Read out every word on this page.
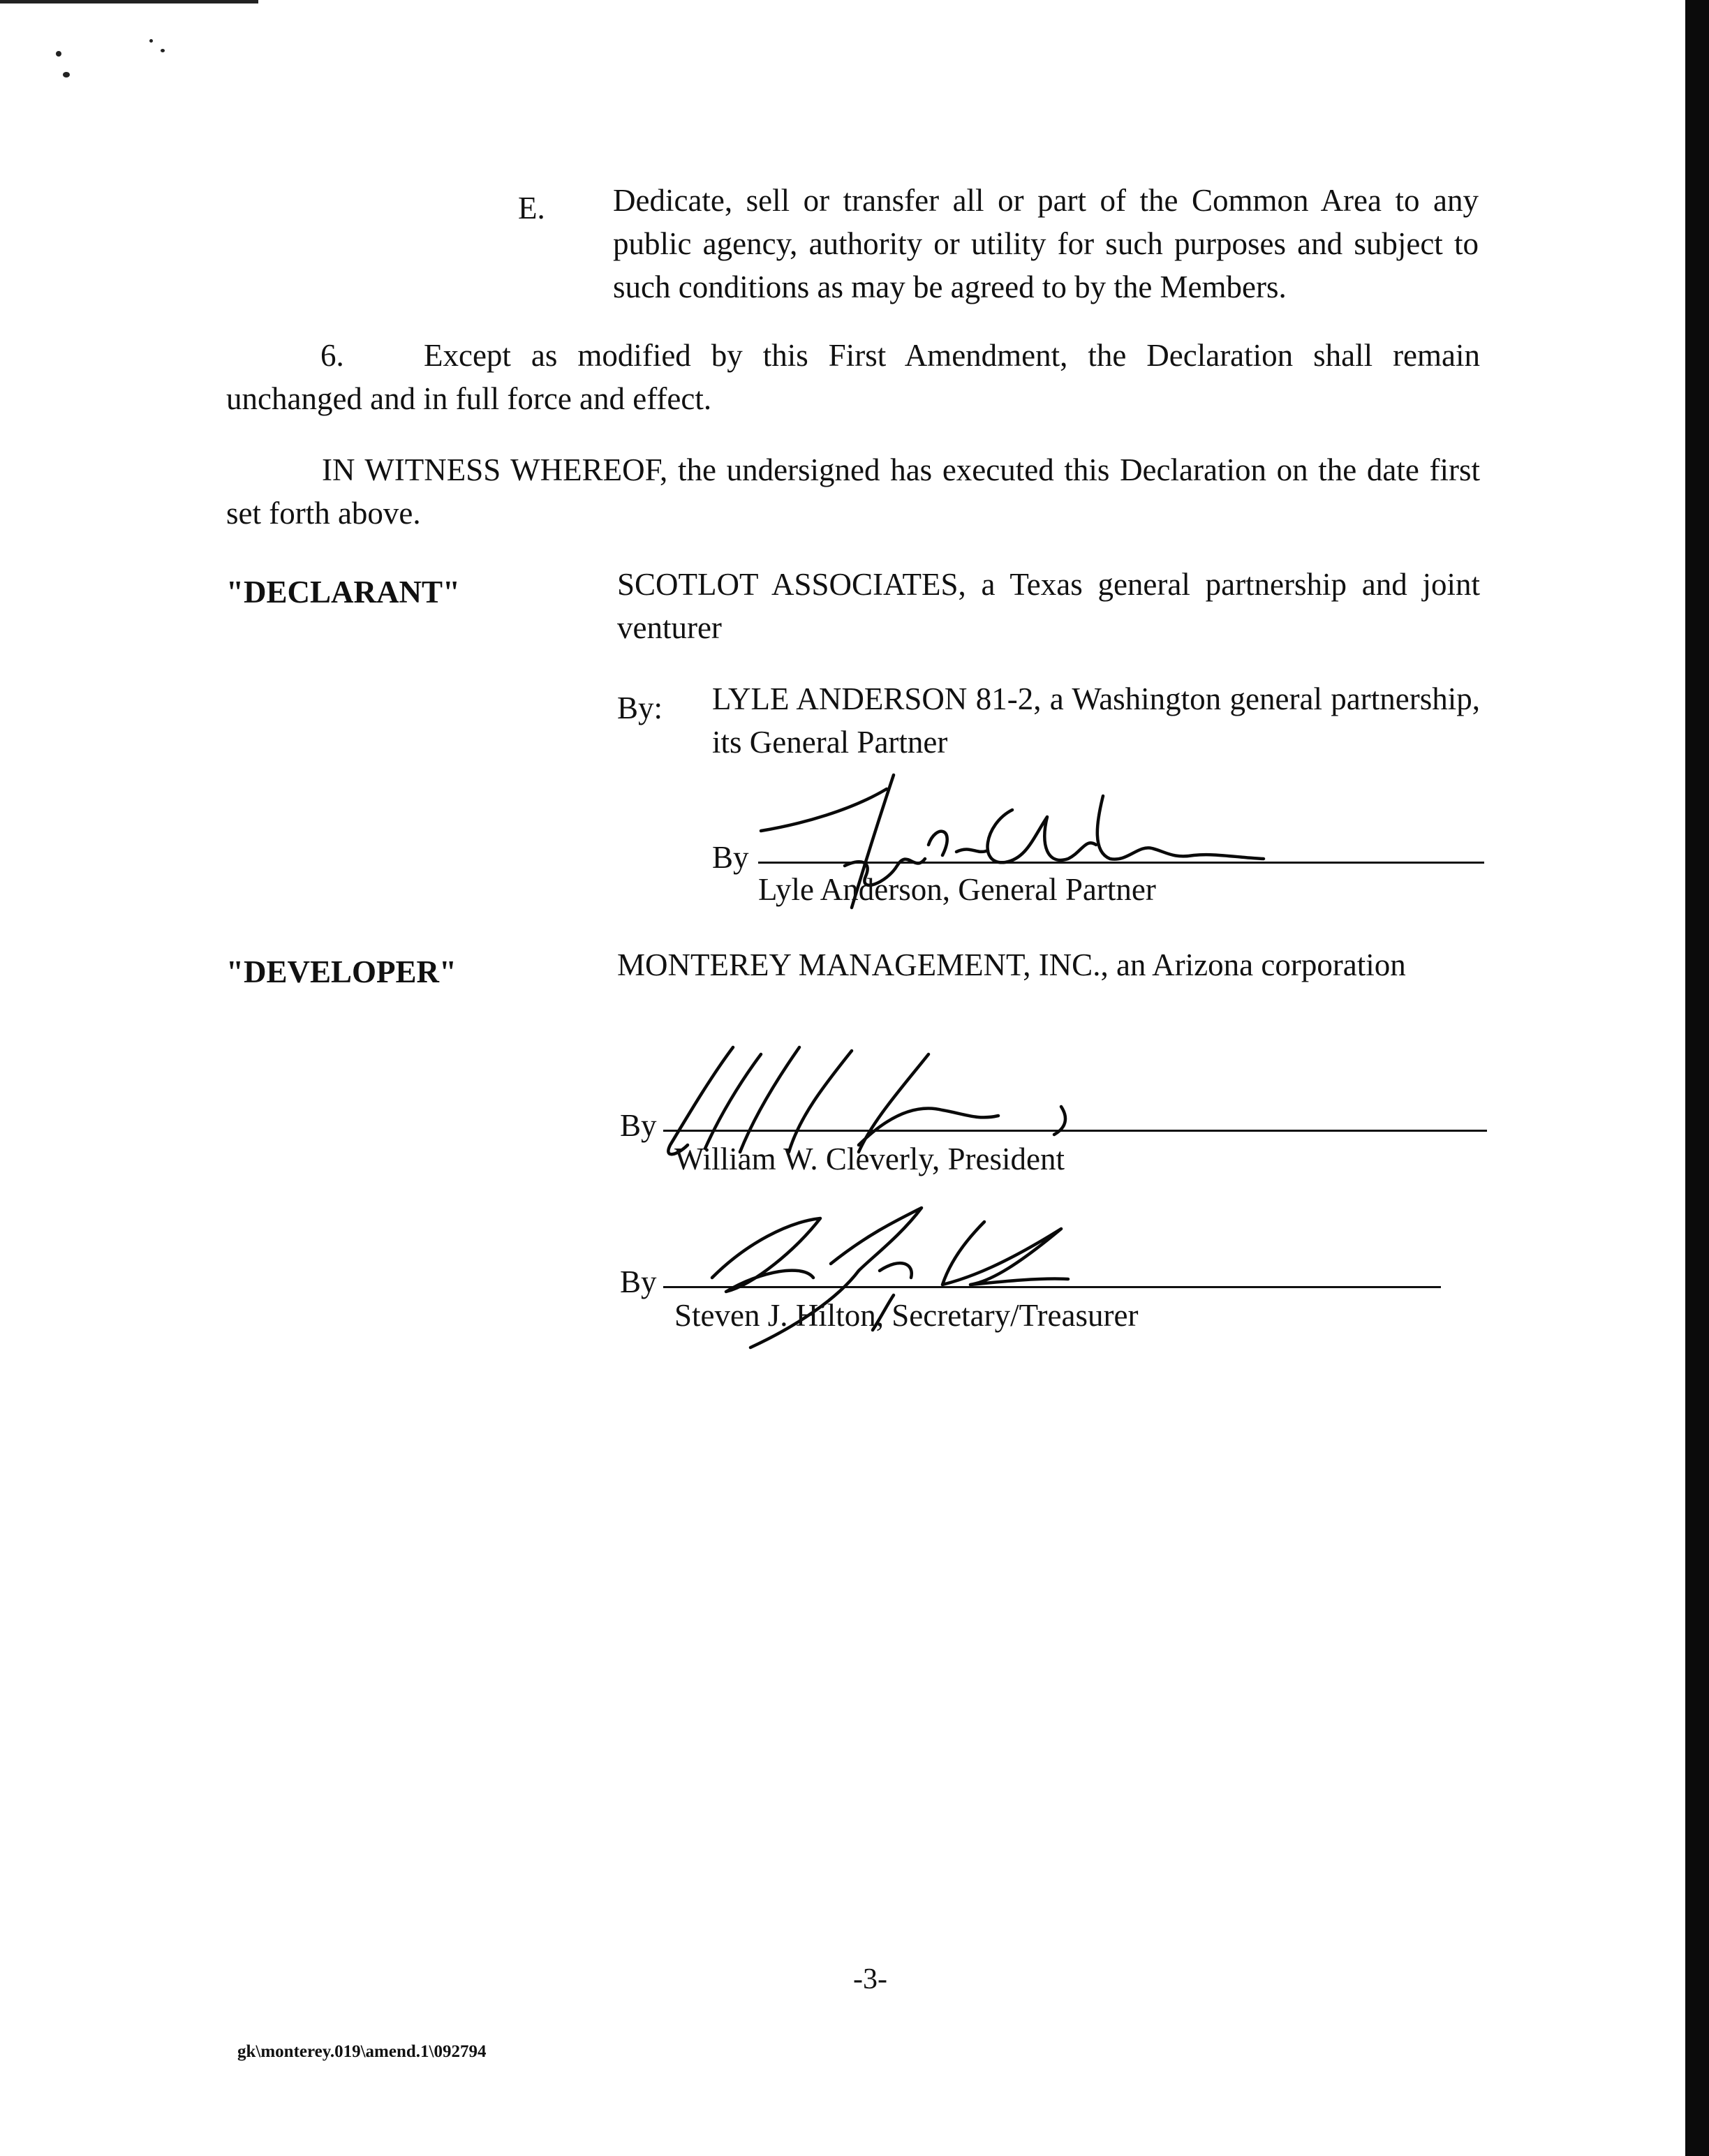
E. Dedicate, sell or transfer all or part of the Common Area to any public agency, authority or utility for such purposes and subject to such conditions as may be agreed to by the Members.
6.	Except as modified by this First Amendment, the Declaration shall remain unchanged and in full force and effect.
IN WITNESS WHEREOF, the undersigned has executed this Declaration on the date first set forth above.
"DECLARANT"	SCOTLOT ASSOCIATES, a Texas general partnership and joint venturer
By: LYLE ANDERSON 81-2, a Washington general partnership, its General Partner
By
Lyle Anderson, General Partner
"DEVELOPER"	MONTEREY MANAGEMENT, INC., an Arizona corporation
By
William W. Cleverly, President
By
Steven J. Hilton, Secretary/Treasurer
-3-
gk\monterey.019\amend.1\092794
